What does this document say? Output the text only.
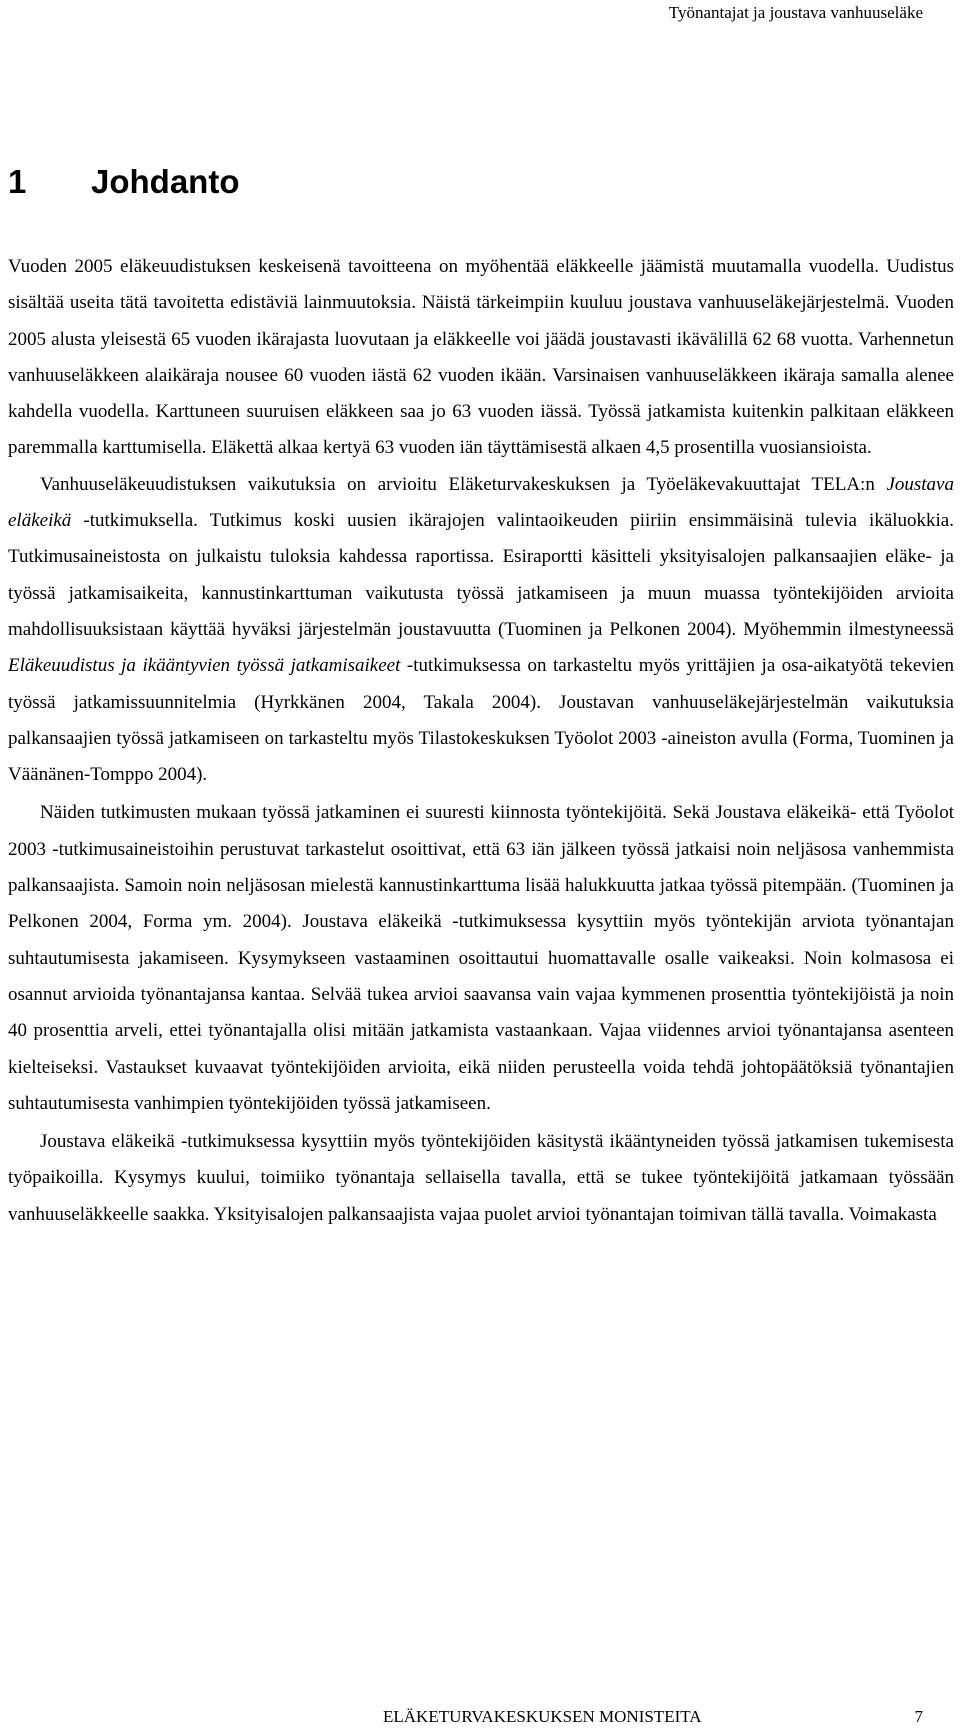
Työnantajat ja joustava vanhuuseläke
1 Johdanto

Vuoden 2005 eläkeuudistuksen keskeisenä tavoitteena on myöhentää eläkkeelle jäämistä muutamalla vuodella. Uudistus sisältää useita tätä tavoitetta edistäviä lainmuutoksia. Näistä tärkeimpiin kuuluu joustava vanhuuseläkejärjestelmä. Vuoden 2005 alusta yleisestä 65 vuoden ikärajasta luovutaan ja eläkkeelle voi jäädä joustavasti ikävälillä 62 68 vuotta. Varhennetun vanhuuseläkkeen alaikäraja nousee 60 vuoden iästä 62 vuoden ikään. Varsinaisen vanhuuseläkkeen ikäraja samalla alenee kahdella vuodella. Karttuneen suuruisen eläkkeen saa jo 63 vuoden iässä. Työssä jatkamista kuitenkin palkitaan eläkkeen paremmalla karttumisella. Eläkettä alkaa kertyä 63 vuoden iän täyttämisestä alkaen 4,5 prosentilla vuosiansioista.

Vanhuuseläkeuudistuksen vaikutuksia on arvioitu Eläketurvakeskuksen ja Työeläkevakuuttajat TELA:n Joustava eläkeikä -tutkimuksella. Tutkimus koski uusien ikärajojen valintaoikeuden piiriin ensimmäisinä tulevia ikäluokkia. Tutkimusaineistosta on julkaistu tuloksia kahdessa raportissa. Esiraportti käsitteli yksityisalojen palkansaajien eläke- ja työssä jatkamisaikeita, kannustinkarttuman vaikutusta työssä jatkamiseen ja muun muassa työntekijöiden arvioita mahdollisuuksistaan käyttää hyväksi järjestelmän joustavuutta (Tuominen ja Pelkonen 2004). Myöhemmin ilmestyneessä Eläkeuudistus ja ikääntyvien työssä jatkamisaikeet -tutkimuksessa on tarkasteltu myös yrittäjien ja osa-aikatyötä tekevien työssä jatkamissuunnitelmia (Hyrkkänen 2004, Takala 2004). Joustavan vanhuuseläkejärjestelmän vaikutuksia palkansaajien työssä jatkamiseen on tarkasteltu myös Tilastokeskuksen Työolot 2003 -aineiston avulla (Forma, Tuominen ja Väänänen-Tomppo 2004).

Näiden tutkimusten mukaan työssä jatkaminen ei suuresti kiinnosta työntekijöitä. Sekä Joustava eläkeikä- että Työolot 2003 -tutkimusaineistoihin perustuvat tarkastelut osoittivat, että 63 iän jälkeen työssä jatkaisi noin neljäsosa vanhemmista palkansaajista. Samoin noin neljäsosan mielestä kannustinkarttuma lisää halukkuutta jatkaa työssä pitempään. (Tuominen ja Pelkonen 2004, Forma ym. 2004). Joustava eläkeikä -tutkimuksessa kysyttiin myös työntekijän arviota työnantajan suhtautumisesta jakamiseen. Kysymykseen vastaaminen osoittautui huomattavalle osalle vaikeaksi. Noin kolmasosa ei osannut arvioida työnantajansa kantaa. Selvää tukea arvioi saavansa vain vajaa kymmenen prosenttia työntekijöistä ja noin 40 prosenttia arveli, ettei työnantajalla olisi mitään jatkamista vastaankaan. Vajaa viidennes arvioi työnantajansa asenteen kielteiseksi. Vastaukset kuvaavat työntekijöiden arvioita, eikä niiden perusteella voida tehdä johtopäätöksiä työnantajien suhtautumisesta vanhimpien työntekijöiden työssä jatkamiseen.

Joustava eläkeikä -tutkimuksessa kysyttiin myös työntekijöiden käsitystä ikääntyneiden työssä jatkamisen tukemisesta työpaikoilla. Kysymys kuului, toimiiko työnantaja sellaisella tavalla, että se tukee työntekijöitä jatkamaan työssään vanhuuseläkkeelle saakka. Yksityisalojen palkansaajista vajaa puolet arvioi työnantajan toimivan tällä tavalla. Voimakasta

ELÄKETURVAKESKUKSEN MONISTEITA	7
